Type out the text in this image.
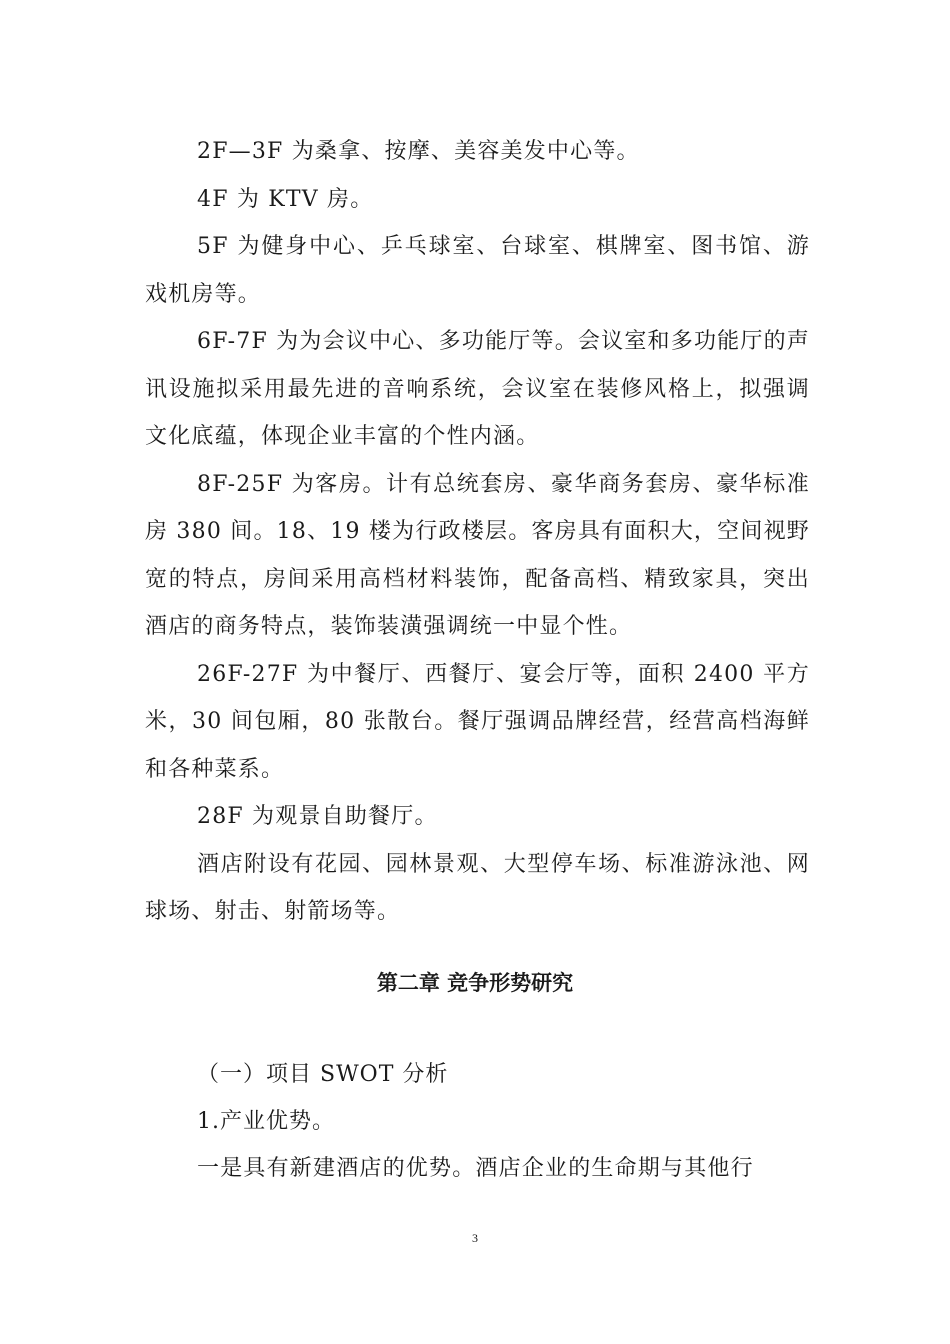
2F—3F 为桑拿、按摩、美容美发中心等。

4F 为 KTV 房。

5F 为健身中心、乒乓球室、台球室、棋牌室、图书馆、游戏机房等。

6F-7F 为为会议中心、多功能厅等。会议室和多功能厅的声讯设施拟采用最先进的音响系统，会议室在装修风格上，拟强调文化底蕴，体现企业丰富的个性内涵。

8F-25F 为客房。计有总统套房、豪华商务套房、豪华标准房 380 间。18、19 楼为行政楼层。客房具有面积大，空间视野宽的特点，房间采用高档材料装饰，配备高档、精致家具，突出酒店的商务特点，装饰装潢强调统一中显个性。

26F-27F 为中餐厅、西餐厅、宴会厅等，面积 2400 平方米，30 间包厢，80 张散台。餐厅强调品牌经营，经营高档海鲜和各种菜系。

28F 为观景自助餐厅。

酒店附设有花园、园林景观、大型停车场、标准游泳池、网球场、射击、射箭场等。

第二章 竞争形势研究

（一）项目 SWOT 分析

1.产业优势。

一是具有新建酒店的优势。酒店企业的生命期与其他行

3
